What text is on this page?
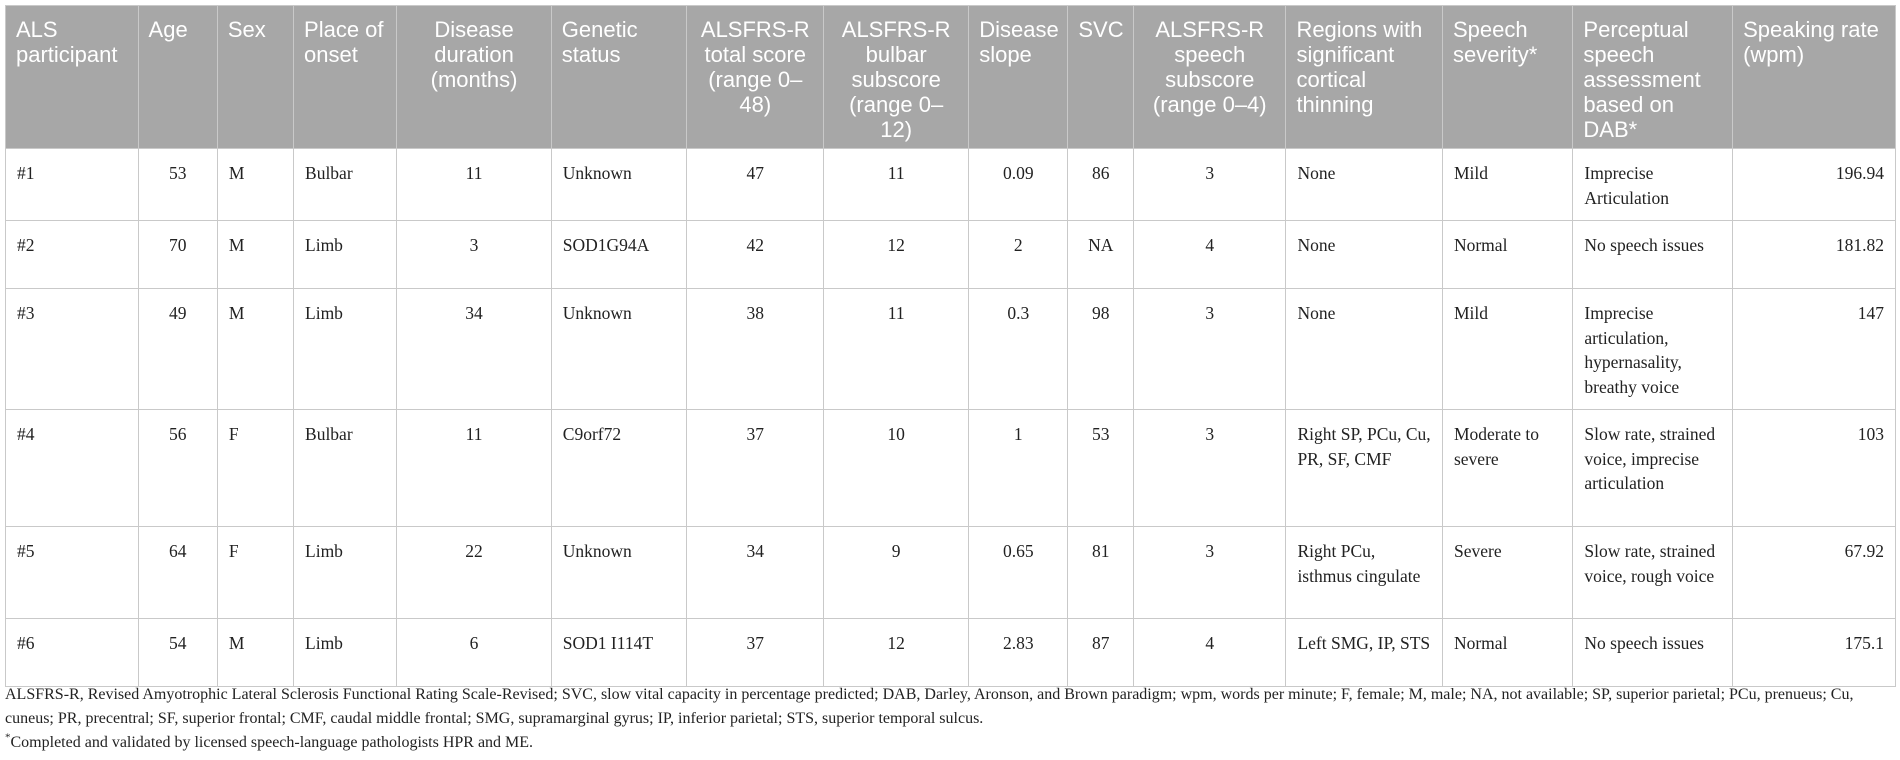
ALS participant	Age	Sex	Place of onset	Disease duration (months)	Genetic status	ALSFRS-R total score (range 0–48)	ALSFRS-R bulbar subscore (range 0–12)	Disease slope	SVC	ALSFRS-R speech subscore (range 0–4)	Regions with significant cortical thinning	Speech severity*	Perceptual speech assessment based on DAB*	Speaking rate (wpm)
#1	53	M	Bulbar	11	Unknown	47	11	0.09	86	3	None	Mild	Imprecise Articulation	196.94
#2	70	M	Limb	3	SOD1G94A	42	12	2	NA	4	None	Normal	No speech issues	181.82
#3	49	M	Limb	34	Unknown	38	11	0.3	98	3	None	Mild	Imprecise articulation, hypernasality, breathy voice	147
#4	56	F	Bulbar	11	C9orf72	37	10	1	53	3	Right SP, PCu, Cu, PR, SF, CMF	Moderate to severe	Slow rate, strained voice, imprecise articulation	103
#5	64	F	Limb	22	Unknown	34	9	0.65	81	3	Right PCu, isthmus cingulate	Severe	Slow rate, strained voice, rough voice	67.92
#6	54	M	Limb	6	SOD1 I114T	37	12	2.83	87	4	Left SMG, IP, STS	Normal	No speech issues	175.1

ALSFRS-R, Revised Amyotrophic Lateral Sclerosis Functional Rating Scale-Revised; SVC, slow vital capacity in percentage predicted; DAB, Darley, Aronson, and Brown paradigm; wpm, words per minute; F, female; M, male; NA, not available; SP, superior parietal; PCu, prenueus; Cu, cuneus; PR, precentral; SF, superior frontal; CMF, caudal middle frontal; SMG, supramarginal gyrus; IP, inferior parietal; STS, superior temporal sulcus.

*Completed and validated by licensed speech-language pathologists HPR and ME.
